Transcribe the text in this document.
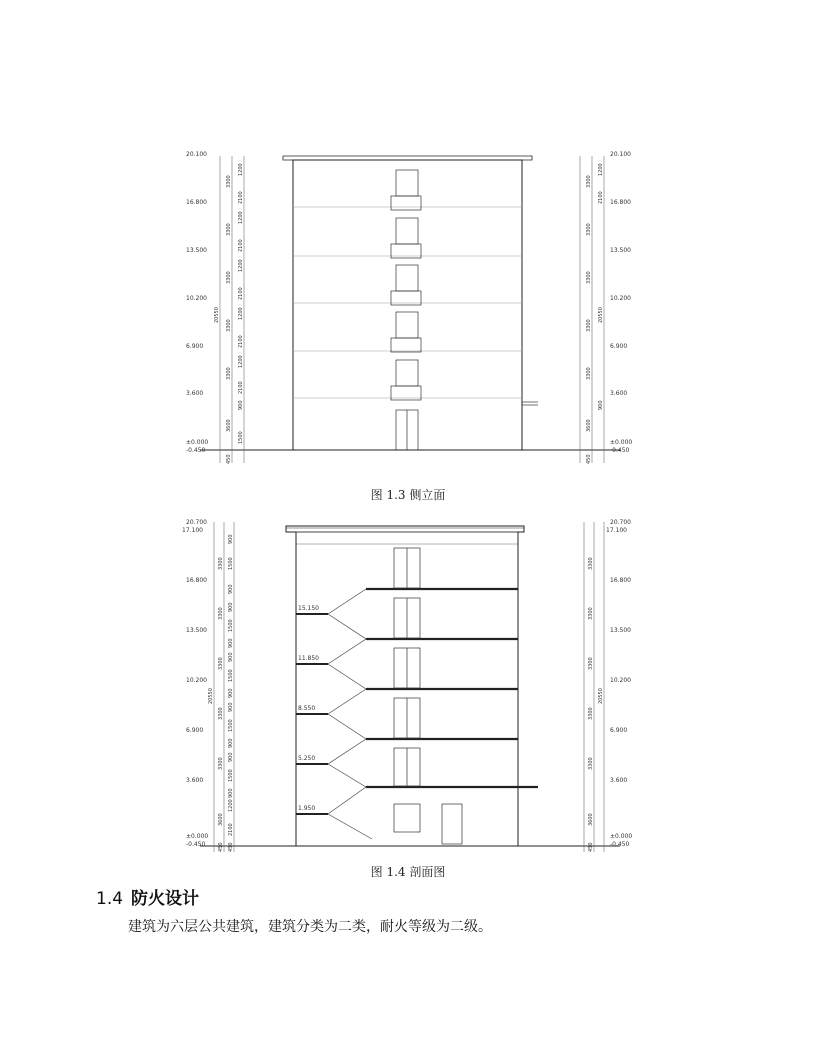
20.100
16.800
13.500
10.200
6.900
3.600
±0.000
-0.450
20.100
16.800
13.500
10.200
6.900
3.600
±0.000
-0.450
20550	20550
3300
3300
3300
3300
3300
3600
450
3300
3300
3300
3300
3300
3600
450
1200
2100
1200
2100
1200
2100
1200
2100
1200
2100
900
1500
1200
2100
900
图 1.3 侧立面
20.700
17.100
16.800
13.500
10.200
6.900
3.600
±0.000
-0.450
20.700
17.100
16.800
13.500
10.200
6.900
3.600
±0.000
-0.450
15.150
11.850
8.550
5.250
1.950
20550	20550
3300
3300
3300
3300
3300
3600
450
3300
3300
3300
3300
3300
3600
450
900
1500
900
900
1500
900
900
1500
900
900
1500
900
900
1500
900
1200
2100
450
图 1.4 剖面图
1.4 防火设计
建筑为六层公共建筑，建筑分类为二类，耐火等级为二级。
